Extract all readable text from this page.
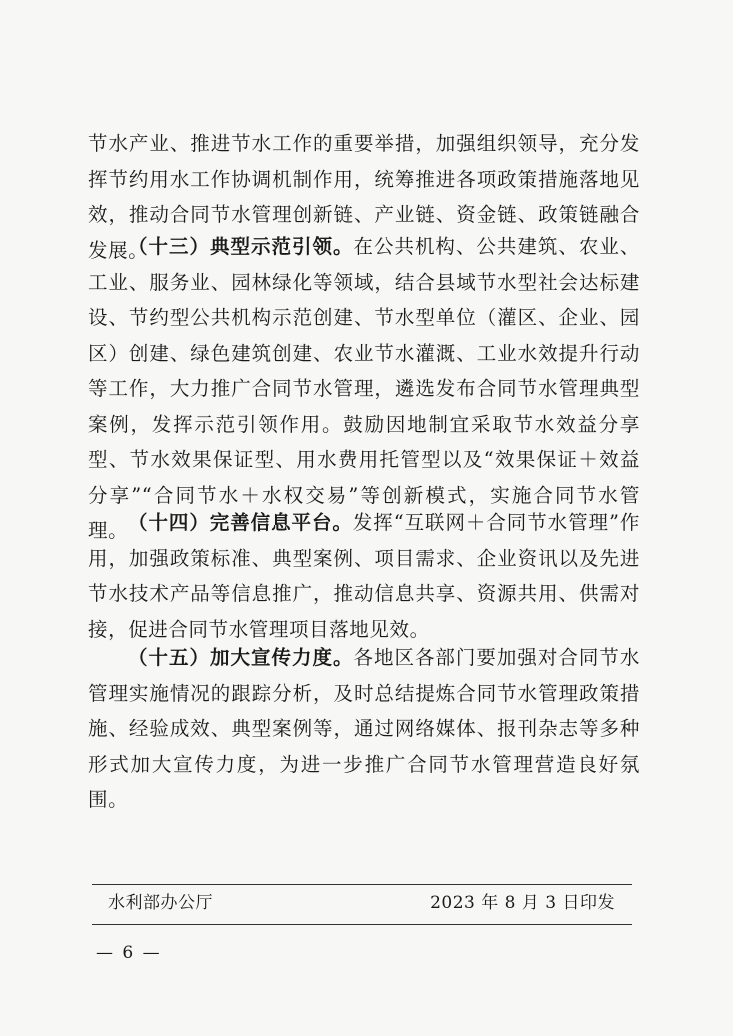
节水产业、推进节水工作的重要举措，加强组织领导，充分发挥节约用水工作协调机制作用，统筹推进各项政策措施落地见效，推动合同节水管理创新链、产业链、资金链、政策链融合发展。

（十三）典型示范引领。在公共机构、公共建筑、农业、工业、服务业、园林绿化等领域，结合县域节水型社会达标建设、节约型公共机构示范创建、节水型单位（灌区、企业、园区）创建、绿色建筑创建、农业节水灌溉、工业水效提升行动等工作，大力推广合同节水管理，遴选发布合同节水管理典型案例，发挥示范引领作用。鼓励因地制宜采取节水效益分享型、节水效果保证型、用水费用托管型以及“效果保证＋效益分享”“合同节水＋水权交易”等创新模式，实施合同节水管理。 （十四）完善信息平台。发挥“互联网＋合同节水管理”作用，加强政策标准、典型案例、项目需求、企业资讯以及先进节水技术产品等信息推广，推动信息共享、资源共用、供需对接，促进合同节水管理项目落地见效。

（十五）加大宣传力度。各地区各部门要加强对合同节水管理实施情况的跟踪分析，及时总结提炼合同节水管理政策措施、经验成效、典型案例等，通过网络媒体、报刊杂志等多种形式加大宣传力度，为进一步推广合同节水管理营造良好氛围。

水利部办公厅	2023 年 8 月 3 日印发
— 6 —
